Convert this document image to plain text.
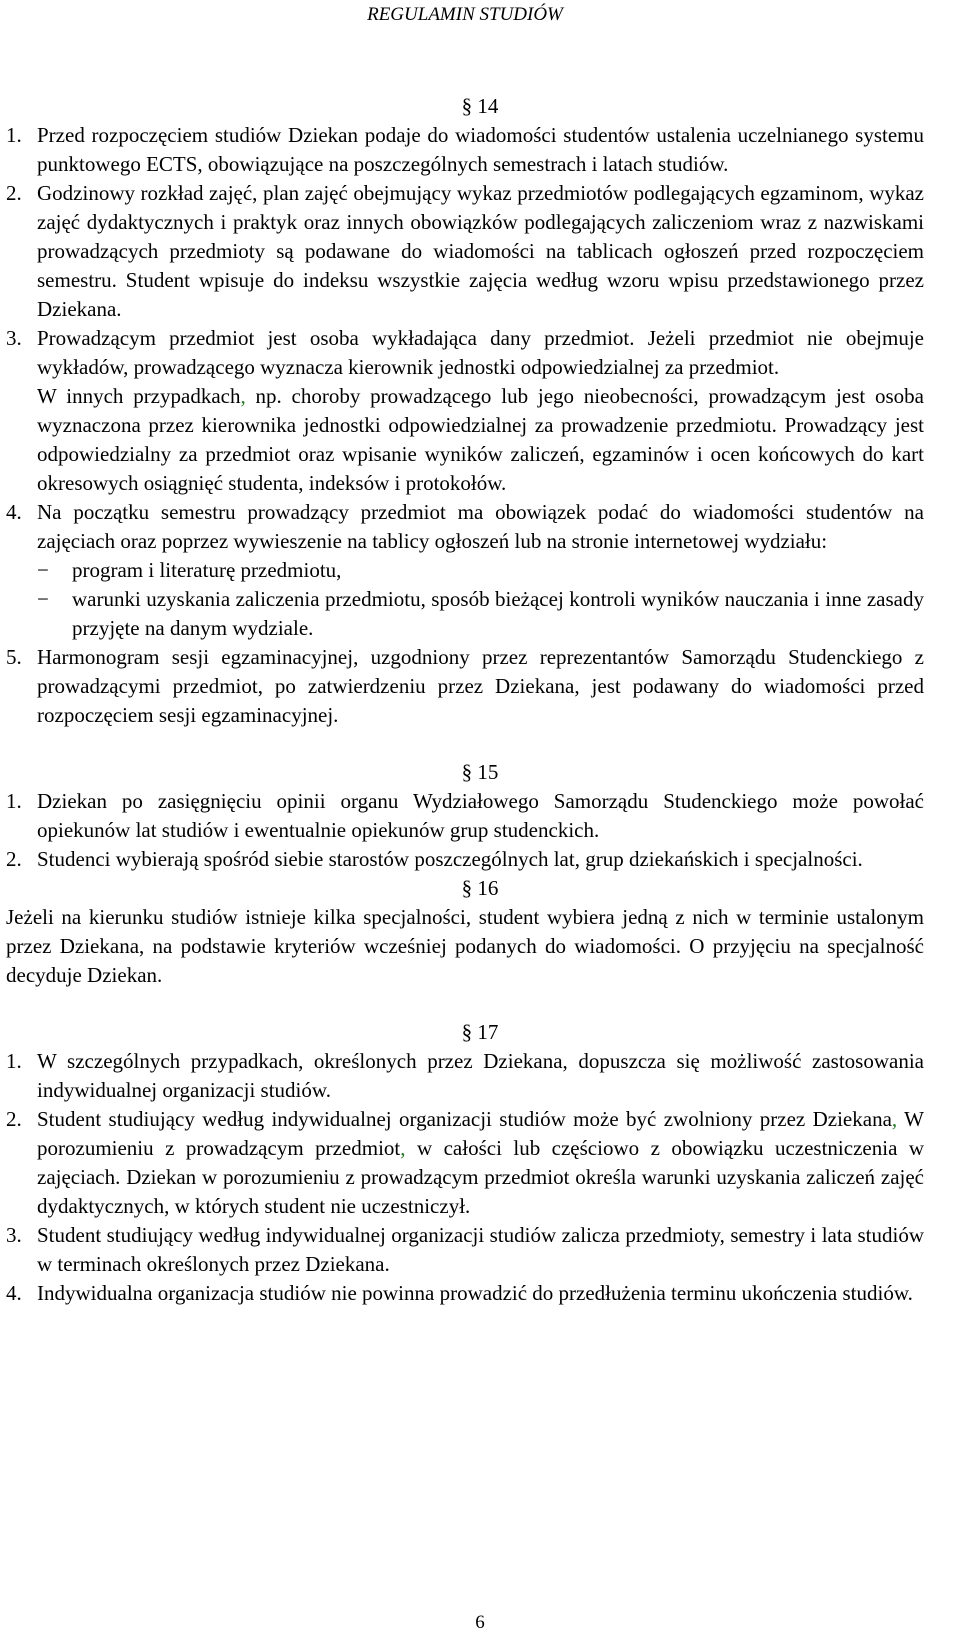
REGULAMIN STUDIÓW
§ 14
1. Przed rozpoczęciem studiów Dziekan podaje do wiadomości studentów ustalenia uczelnianego systemu punktowego ECTS, obowiązujące na poszczególnych semestrach i latach studiów.
2. Godzinowy rozkład zajęć, plan zajęć obejmujący wykaz przedmiotów podlegających egzaminom, wykaz zajęć dydaktycznych i praktyk oraz innych obowiązków podlegających zaliczeniom wraz z nazwiskami prowadzących przedmioty są podawane do wiadomości na tablicach ogłoszeń przed rozpoczęciem semestru. Student wpisuje do indeksu wszystkie zajęcia według wzoru wpisu przedstawionego przez Dziekana.
3. Prowadzącym przedmiot jest osoba wykładająca dany przedmiot. Jeżeli przedmiot nie obejmuje wykładów, prowadzącego wyznacza kierownik jednostki odpowiedzialnej za przedmiot.
W innych przypadkach, np. choroby prowadzącego lub jego nieobecności, prowadzącym jest osoba wyznaczona przez kierownika jednostki odpowiedzialnej za prowadzenie przedmiotu. Prowadzący jest odpowiedzialny za przedmiot oraz wpisanie wyników zaliczeń, egzaminów i ocen końcowych do kart okresowych osiągnięć studenta, indeksów i protokołów.
4. Na początku semestru prowadzący przedmiot ma obowiązek podać do wiadomości studentów na zajęciach oraz poprzez wywieszenie na tablicy ogłoszeń lub na stronie internetowej wydziału:
− program i literaturę przedmiotu,
− warunki uzyskania zaliczenia przedmiotu, sposób bieżącej kontroli wyników nauczania i inne zasady przyjęte na danym wydziale.
5. Harmonogram sesji egzaminacyjnej, uzgodniony przez reprezentantów Samorządu Studenckiego z prowadzącymi przedmiot, po zatwierdzeniu przez Dziekana, jest podawany do wiadomości przed rozpoczęciem sesji egzaminacyjnej.
§ 15
1. Dziekan po zasięgnięciu opinii organu Wydziałowego Samorządu Studenckiego może powołać opiekunów lat studiów i ewentualnie opiekunów grup studenckich.
2. Studenci wybierają spośród siebie starostów poszczególnych lat, grup dziekańskich i specjalności.
§ 16
Jeżeli na kierunku studiów istnieje kilka specjalności, student wybiera jedną z nich w terminie ustalonym przez Dziekana, na podstawie kryteriów wcześniej podanych do wiadomości. O przyjęciu na specjalność decyduje Dziekan.
§ 17
1. W szczególnych przypadkach, określonych przez Dziekana, dopuszcza się możliwość zastosowania indywidualnej organizacji studiów.
2. Student studiujący według indywidualnej organizacji studiów może być zwolniony przez Dziekana, W porozumieniu z prowadzącym przedmiot, w całości lub częściowo z obowiązku uczestniczenia w zajęciach. Dziekan w porozumieniu z prowadzącym przedmiot określa warunki uzyskania zaliczeń zajęć dydaktycznych, w których student nie uczestniczył.
3. Student studiujący według indywidualnej organizacji studiów zalicza przedmioty, semestry i lata studiów w terminach określonych przez Dziekana.
4. Indywidualna organizacja studiów nie powinna prowadzić do przedłużenia terminu ukończenia studiów.
6
